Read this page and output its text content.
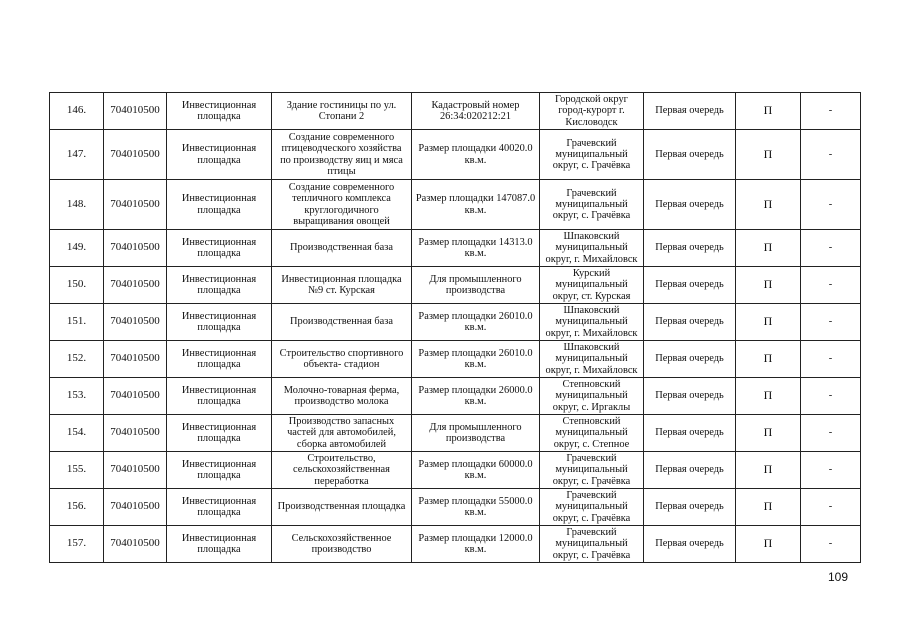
146.	704010500	Инвестиционная площадка	Здание гостиницы по ул. Стопани 2	Кадастровый номер 26:34:020212:21	Городской округ город-курорт г. Кисловодск	Первая очередь	П	-
147.	704010500	Инвестиционная площадка	Создание современного птицеводческого хозяйства по производству яиц и мяса птицы	Размер площадки 40020.0 кв.м.	Грачевский муниципальный округ, с. Грачёвка	Первая очередь	П	-
148.	704010500	Инвестиционная площадка	Создание современного тепличного комплекса круглогодичного выращивания овощей	Размер площадки 147087.0 кв.м.	Грачевский муниципальный округ, с. Грачёвка	Первая очередь	П	-
149.	704010500	Инвестиционная площадка	Производственная база	Размер площадки 14313.0 кв.м.	Шпаковский муниципальный округ, г. Михайловск	Первая очередь	П	-
150.	704010500	Инвестиционная площадка	Инвестиционная площадка №9 ст. Курская	Для промышленного производства	Курский муниципальный округ, ст. Курская	Первая очередь	П	-
151.	704010500	Инвестиционная площадка	Производственная база	Размер площадки 26010.0 кв.м.	Шпаковский муниципальный округ, г. Михайловск	Первая очередь	П	-
152.	704010500	Инвестиционная площадка	Строительство спортивного объекта- стадион	Размер площадки 26010.0 кв.м.	Шпаковский муниципальный округ, г. Михайловск	Первая очередь	П	-
153.	704010500	Инвестиционная площадка	Молочно-товарная ферма, производство молока	Размер площадки 26000.0 кв.м.	Степновский муниципальный округ, с. Иргаклы	Первая очередь	П	-
154.	704010500	Инвестиционная площадка	Производство запасных частей для автомобилей, сборка автомобилей	Для промышленного производства	Степновский муниципальный округ, с. Степное	Первая очередь	П	-
155.	704010500	Инвестиционная площадка	Строительство, сельскохозяйственная переработка	Размер площадки 60000.0 кв.м.	Грачевский муниципальный округ, с. Грачёвка	Первая очередь	П	-
156.	704010500	Инвестиционная площадка	Производственная площадка	Размер площадки 55000.0 кв.м.	Грачевский муниципальный округ, с. Грачёвка	Первая очередь	П	-
157.	704010500	Инвестиционная площадка	Сельскохозяйственное производство	Размер площадки 12000.0 кв.м.	Грачевский муниципальный округ, с. Грачёвка	Первая очередь	П	-
109
